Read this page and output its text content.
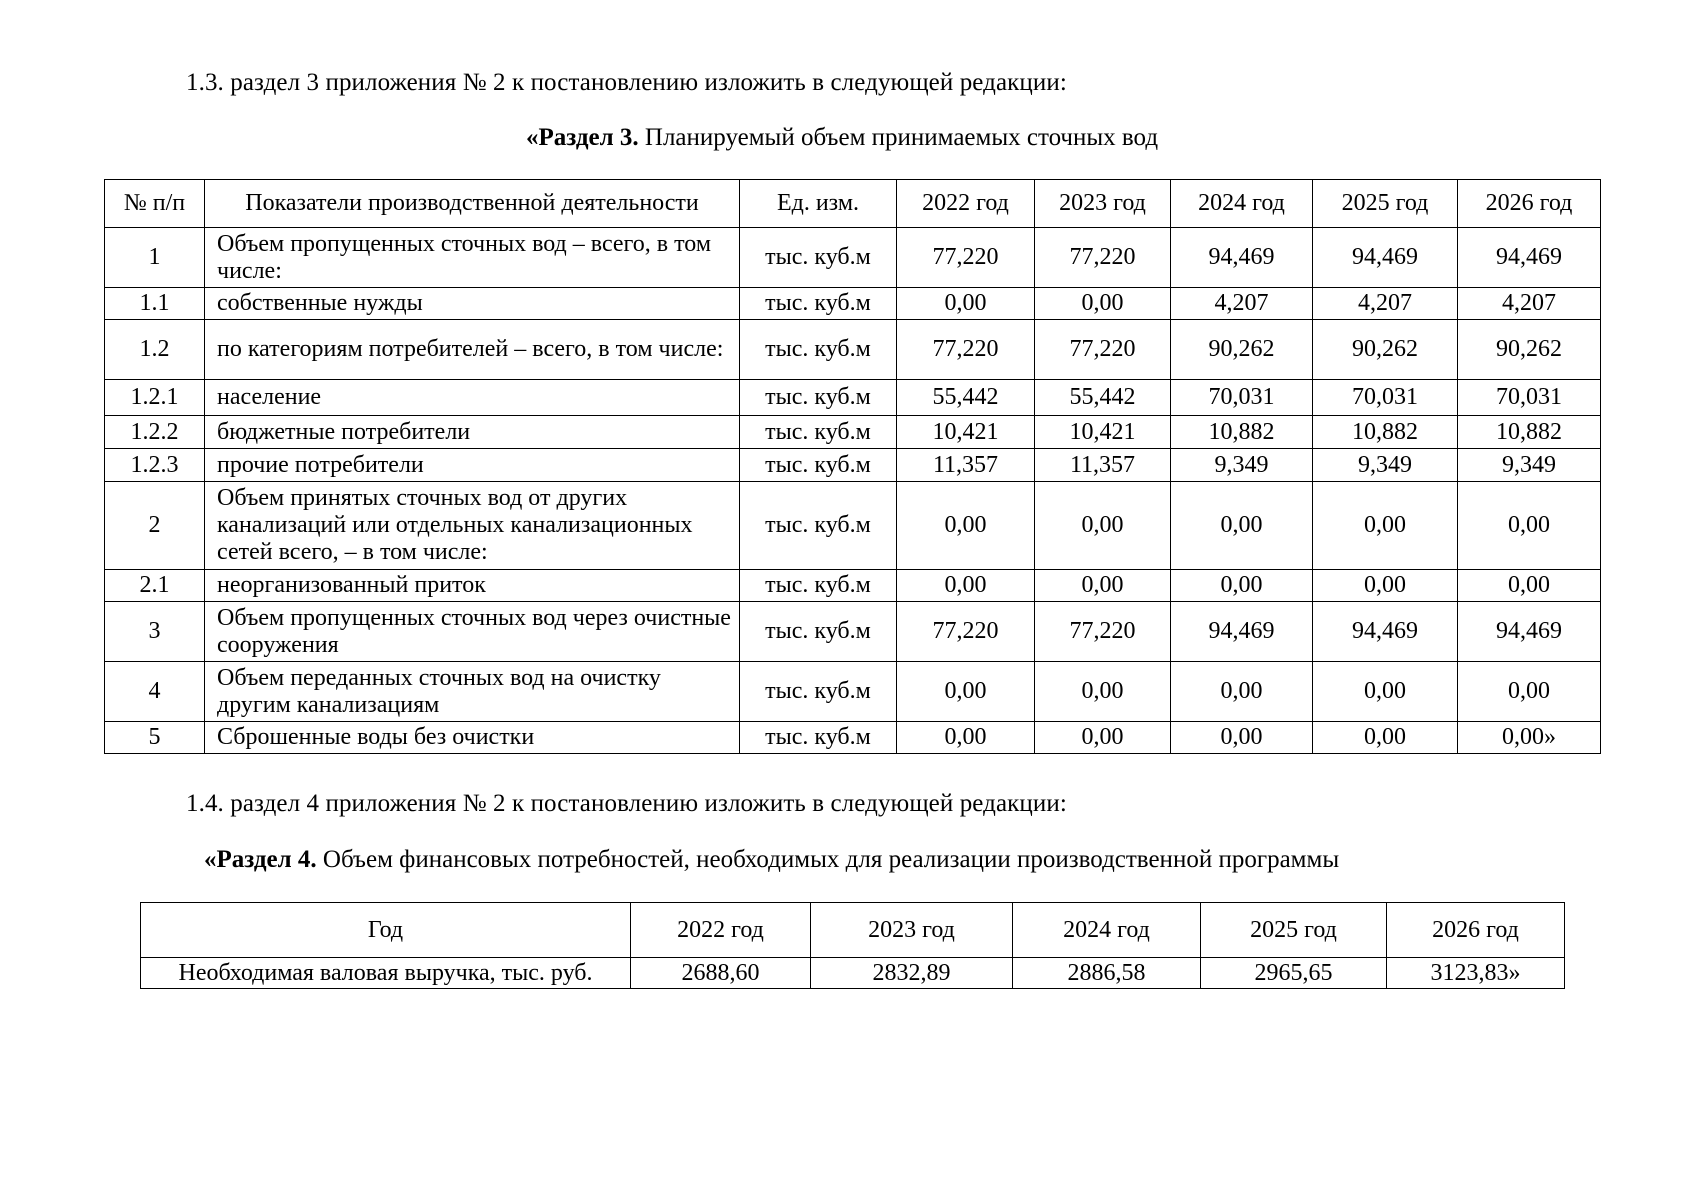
1.3. раздел 3 приложения № 2 к постановлению изложить в следующей редакции:
«Раздел 3. Планируемый объем принимаемых сточных вод
№ п/п	Показатели производственной деятельности	Ед. изм.	2022 год	2023 год	2024 год	2025 год	2026 год
1	Объем пропущенных сточных вод – всего, в том числе:	тыс. куб.м	77,220	77,220	94,469	94,469	94,469
1.1	собственные нужды	тыс. куб.м	0,00	0,00	4,207	4,207	4,207
1.2	по категориям потребителей – всего, в том числе:	тыс. куб.м	77,220	77,220	90,262	90,262	90,262
1.2.1	население	тыс. куб.м	55,442	55,442	70,031	70,031	70,031
1.2.2	бюджетные потребители	тыс. куб.м	10,421	10,421	10,882	10,882	10,882
1.2.3	прочие потребители	тыс. куб.м	11,357	11,357	9,349	9,349	9,349
2	Объем принятых сточных вод от других канализаций или отдельных канализационных сетей всего, – в том числе:	тыс. куб.м	0,00	0,00	0,00	0,00	0,00
2.1	неорганизованный приток	тыс. куб.м	0,00	0,00	0,00	0,00	0,00
3	Объем пропущенных сточных вод через очистные сооружения	тыс. куб.м	77,220	77,220	94,469	94,469	94,469
4	Объем переданных сточных вод на очистку другим канализациям	тыс. куб.м	0,00	0,00	0,00	0,00	0,00
5	Сброшенные воды без очистки	тыс. куб.м	0,00	0,00	0,00	0,00	0,00»
1.4. раздел 4 приложения № 2 к постановлению изложить в следующей редакции:
«Раздел 4. Объем финансовых потребностей, необходимых для реализации производственной программы
Год	2022 год	2023 год	2024 год	2025 год	2026 год
Необходимая валовая выручка, тыс. руб.	2688,60	2832,89	2886,58	2965,65	3123,83»
